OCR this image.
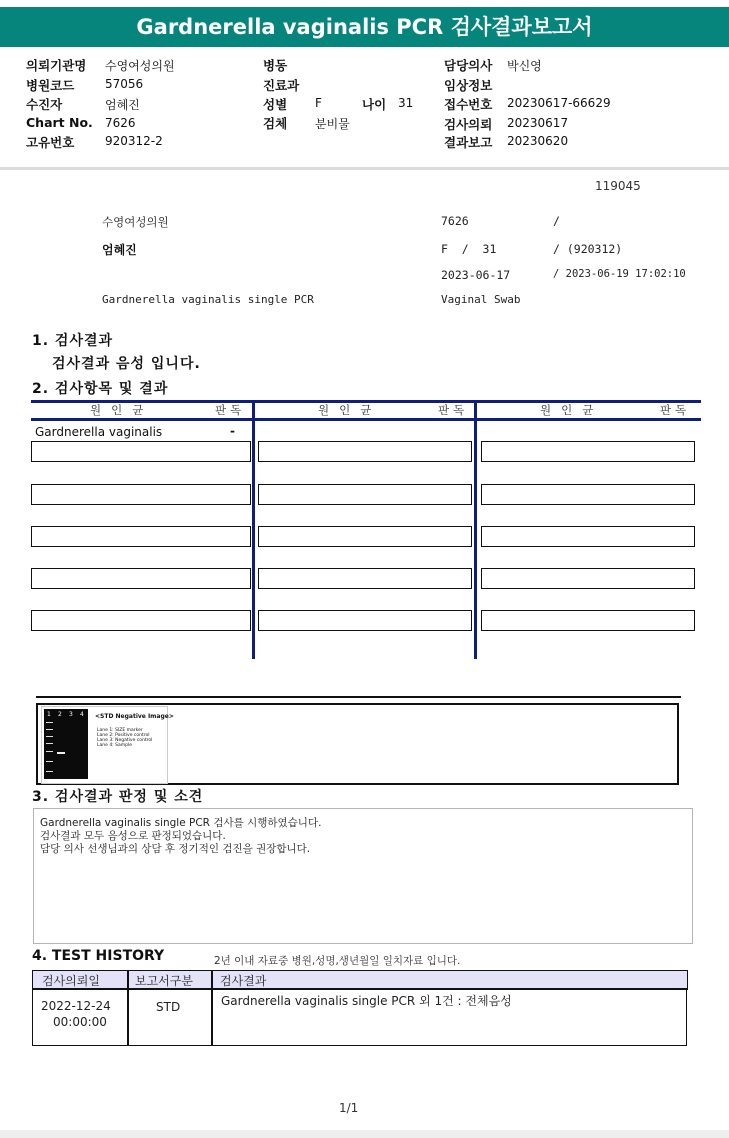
Gardnerella vaginalis PCR 검사결과보고서
의뢰기관명 수영여성의원
병원코드	57056
수진자	엄혜진
Chart No. 7626
고유번호	920312-2
병동
진료과
성별 F
검체 분비물
나이 31
담당의사 박신영
임상정보
접수번호 20230617-66629
검사의뢰 20230617
결과보고 20230620
119045
수영여성의원	7626	/
엄혜진	F  /  31	/ (920312)
2023-06-17	/ 2023-06-19 17:02:10
Gardnerella vaginalis single PCR	Vaginal Swab
1. 검사결과
검사결과 음성 입니다.
2. 검사항목 및 결과
원인균	판독	원인균	판독	원인균	판독
Gardnerella vaginalis	-
1 2 3 4 <STD Negative Image>
Lane 1: SIZE marker
Lane 2: Positive control
Lane 3: Negative control
Lane 4: Sample
3. 검사결과 판정 및 소견
Gardnerella vaginalis single PCR 검사를 시행하였습니다.
검사결과 모두 음성으로 판정되었습니다.
담당 의사 선생님과의 상담 후 정기적인 검진을 권장합니다.
4. TEST HISTORY	2년 이내 자료중 병원,성명,생년월일 일치자료 입니다.
검사의뢰일	보고서구분 검사결과
2022-12-24
00:00:00
STD	Gardnerella vaginalis single PCR 외 1건 : 전체음성
1/1
